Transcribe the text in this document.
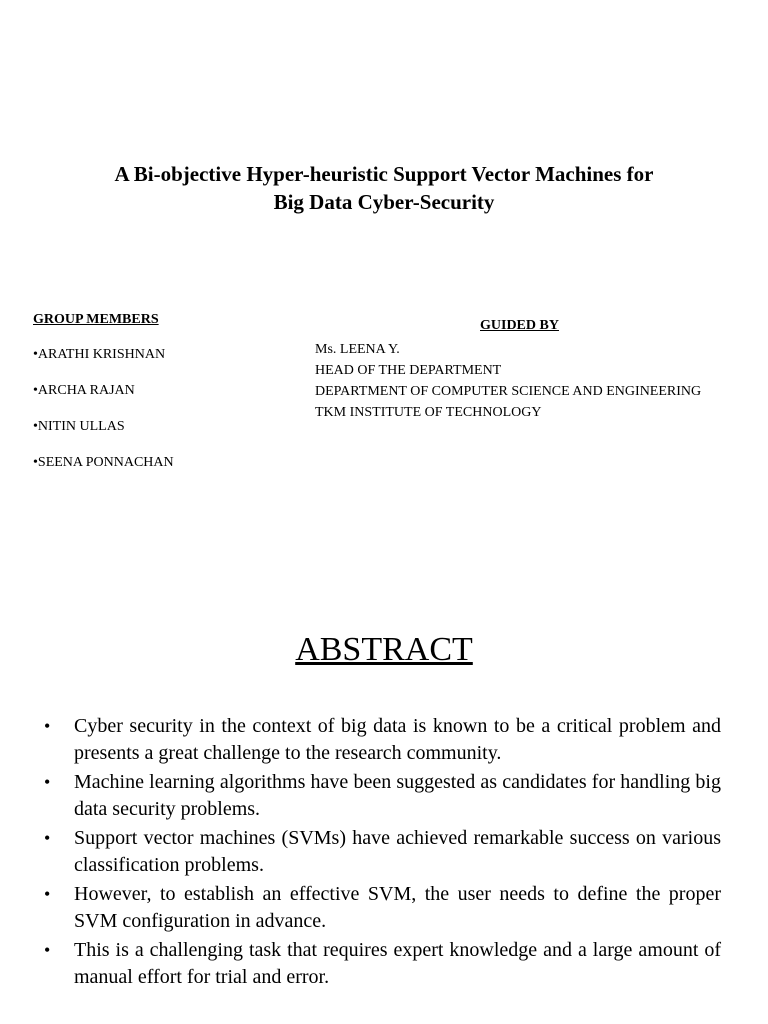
A Bi-objective Hyper-heuristic Support Vector Machines for
Big Data Cyber-Security

GROUP MEMBERS

•ARATHI KRISHNAN

•ARCHA RAJAN

•NITIN ULLAS

•SEENA PONNACHAN

GUIDED BY

Ms. LEENA Y.

HEAD OF THE DEPARTMENT

DEPARTMENT OF COMPUTER SCIENCE AND ENGINEERING

TKM INSTITUTE OF TECHNOLOGY

ABSTRACT
•	Cyber security in the context of big data is known to be a critical problem and presents a great challenge to the research community.
•	Machine learning algorithms have been suggested as candidates for handling big data security problems.
•	Support vector machines (SVMs) have achieved remarkable success on various classification problems.
•	However, to establish an effective SVM, the user needs to define the proper SVM configuration in advance.
•	This is a challenging task that requires expert knowledge and a large amount of manual effort for trial and error.
